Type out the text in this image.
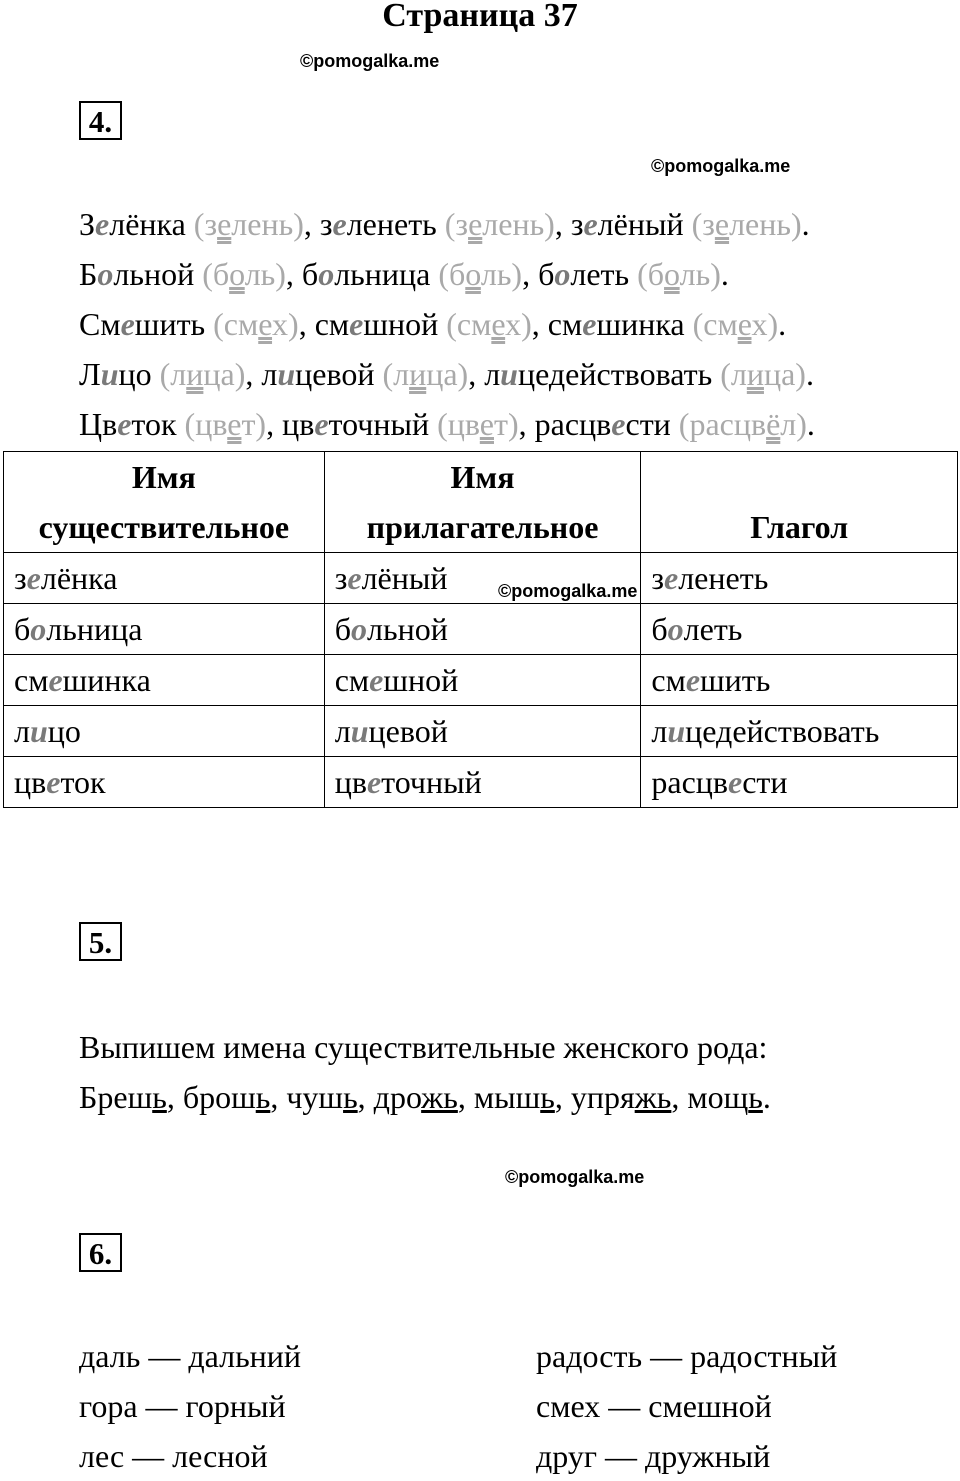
Страница 37
©pomogalka.me
4.
©pomogalka.me
Зелёнка (зелень), зеленеть (зелень), зелёный (зелень).
Больной (боль), больница (боль), болеть (боль).
Смешить (смех), смешной (смех), смешинка (смех).
Лицо (лица), лицевой (лица), лицедействовать (лица).
Цветок (цвет), цветочный (цвет), расцвести (расцвёл).
Имя
существительное	Имя
прилагательное	Глагол
зелёнка	зелёный ©pomogalka.me	зеленеть
больница	больной	болеть
смешинка	смешной	смешить
лицо	лицевой	лицедействовать
цветок	цветочный	расцвести
5.
Выпишем имена существительные женского рода:
Брешь, брошь, чушь, дрожь, мышь, упряжь, мощь.
©pomogalka.me
6.
даль — дальний
гора — горный
лес — лесной
радость — радостный
смех — смешной
друг — дружный
